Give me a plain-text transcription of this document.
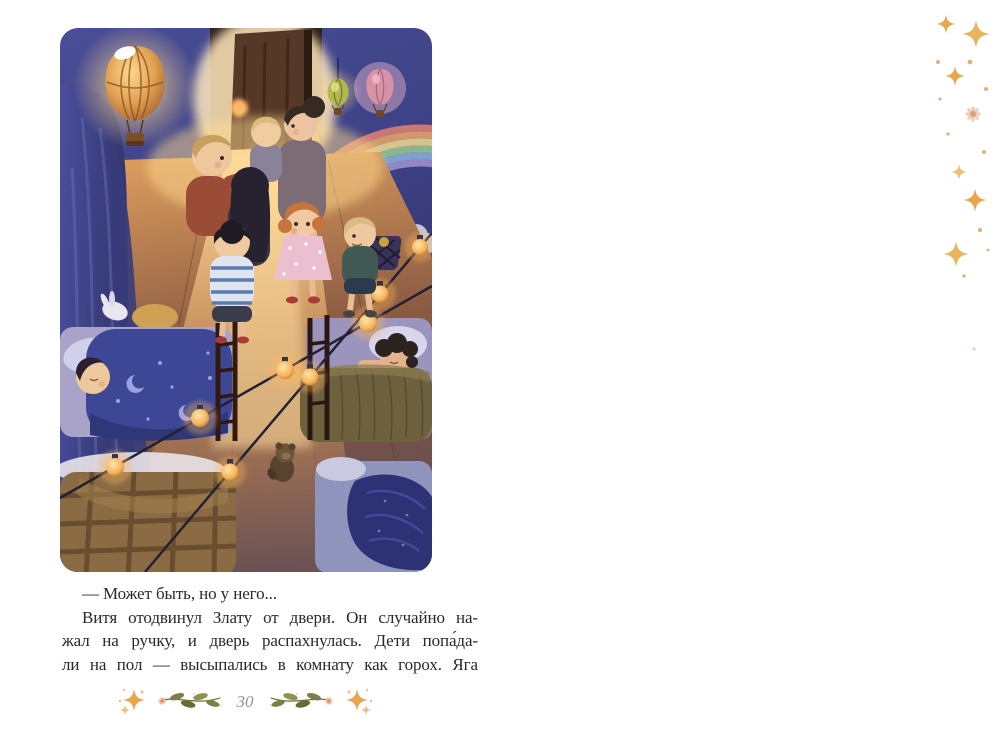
— Может быть, но у него...
Витя отодвинул Злату от двери. Он случайно на-
жал на ручку, и дверь распахнулась. Дети попа́да-
ли на пол — высыпались в комнату как горох. Яга
30
